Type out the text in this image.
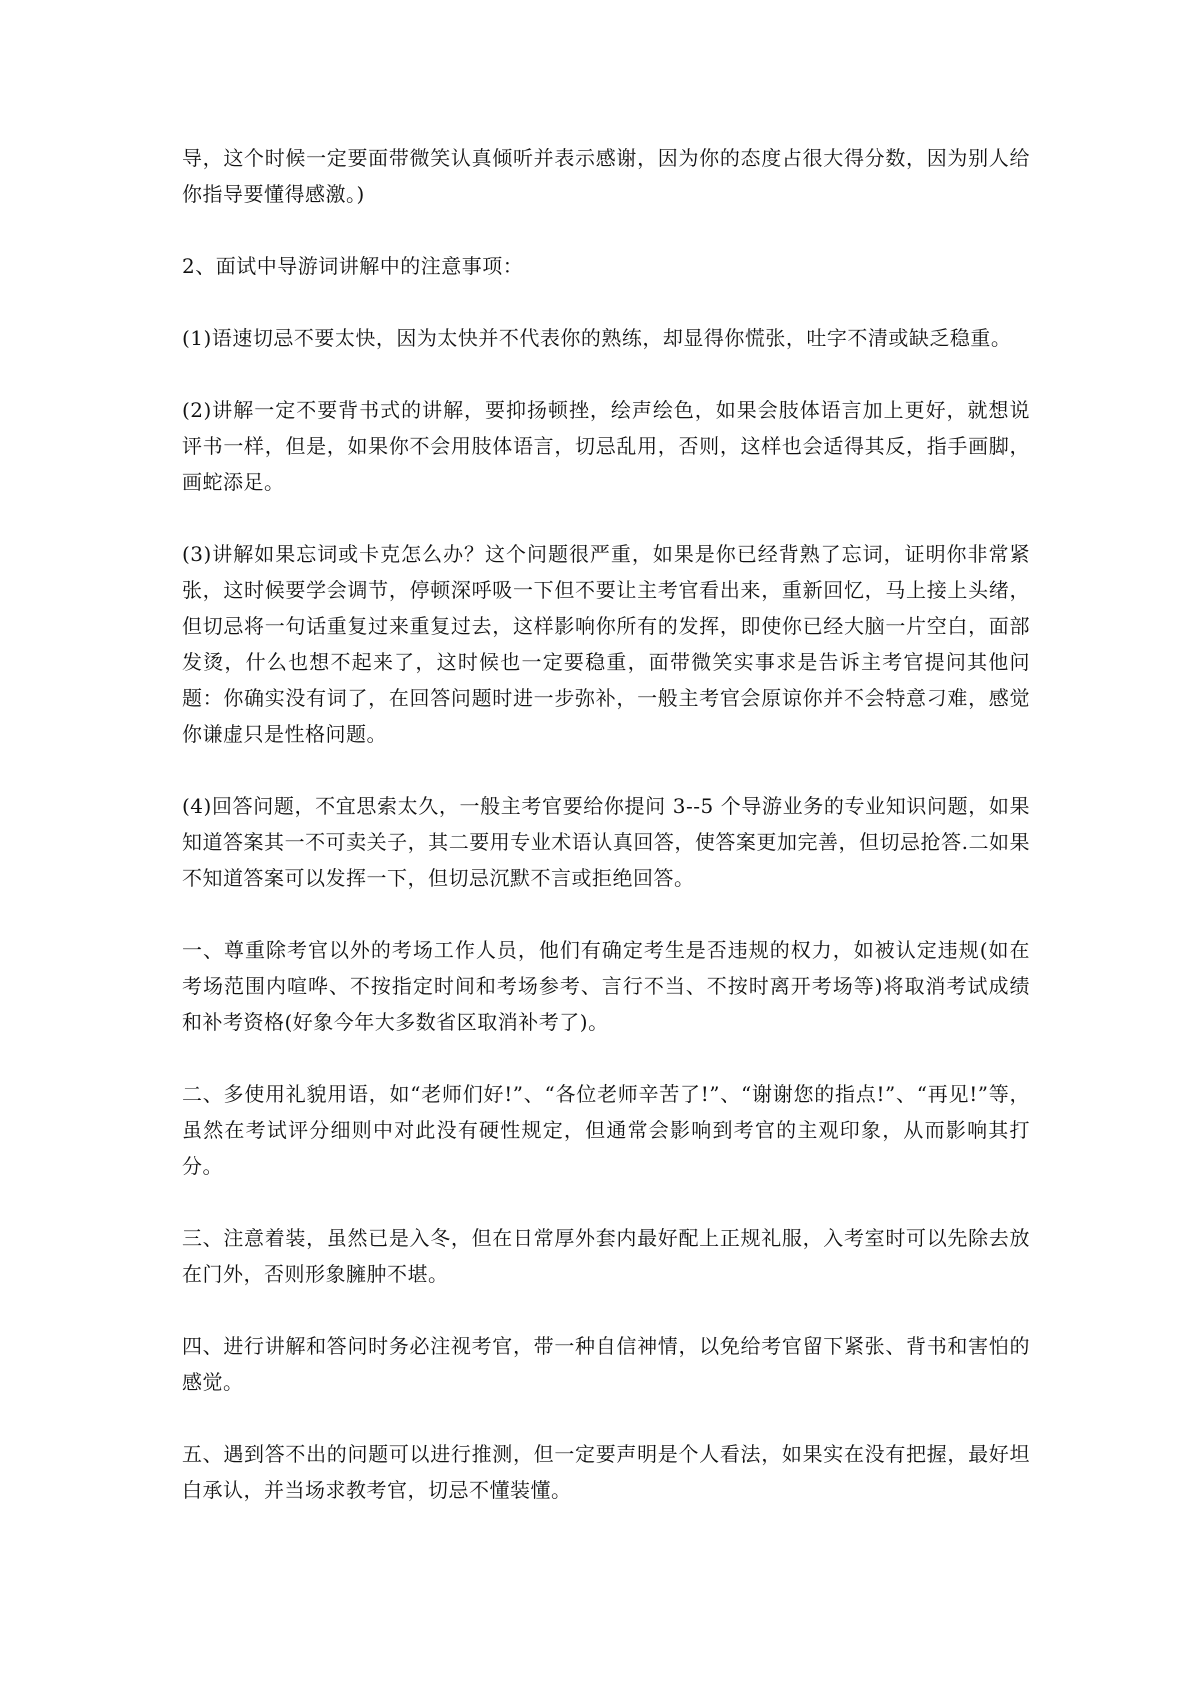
导，这个时候一定要面带微笑认真倾听并表示感谢，因为你的态度占很大得分数，因为别人给你指导要懂得感激。)

2、面试中导游词讲解中的注意事项：

(1)语速切忌不要太快，因为太快并不代表你的熟练，却显得你慌张，吐字不清或缺乏稳重。

(2)讲解一定不要背书式的讲解，要抑扬顿挫，绘声绘色，如果会肢体语言加上更好，就想说评书一样，但是，如果你不会用肢体语言，切忌乱用，否则，这样也会适得其反，指手画脚，画蛇添足。

(3)讲解如果忘词或卡克怎么办？这个问题很严重，如果是你已经背熟了忘词，证明你非常紧张，这时候要学会调节，停顿深呼吸一下但不要让主考官看出来，重新回忆，马上接上头绪，但切忌将一句话重复过来重复过去，这样影响你所有的发挥，即使你已经大脑一片空白，面部发烫，什么也想不起来了，这时候也一定要稳重，面带微笑实事求是告诉主考官提问其他问题：你确实没有词了，在回答问题时进一步弥补，一般主考官会原谅你并不会特意刁难，感觉你谦虚只是性格问题。

(4)回答问题，不宜思索太久，一般主考官要给你提问 3--5 个导游业务的专业知识问题，如果知道答案其一不可卖关子，其二要用专业术语认真回答，使答案更加完善，但切忌抢答.二如果不知道答案可以发挥一下，但切忌沉默不言或拒绝回答。

一、尊重除考官以外的考场工作人员，他们有确定考生是否违规的权力，如被认定违规(如在考场范围内喧哗、不按指定时间和考场参考、言行不当、不按时离开考场等)将取消考试成绩和补考资格(好象今年大多数省区取消补考了)。

二、多使用礼貌用语，如“老师们好!”、“各位老师辛苦了!”、“谢谢您的指点!”、“再见!”等，虽然在考试评分细则中对此没有硬性规定，但通常会影响到考官的主观印象，从而影响其打分。

三、注意着装，虽然已是入冬，但在日常厚外套内最好配上正规礼服，入考室时可以先除去放在门外，否则形象臃肿不堪。

四、进行讲解和答问时务必注视考官，带一种自信神情，以免给考官留下紧张、背书和害怕的感觉。

五、遇到答不出的问题可以进行推测，但一定要声明是个人看法，如果实在没有把握，最好坦白承认，并当场求教考官，切忌不懂装懂。
